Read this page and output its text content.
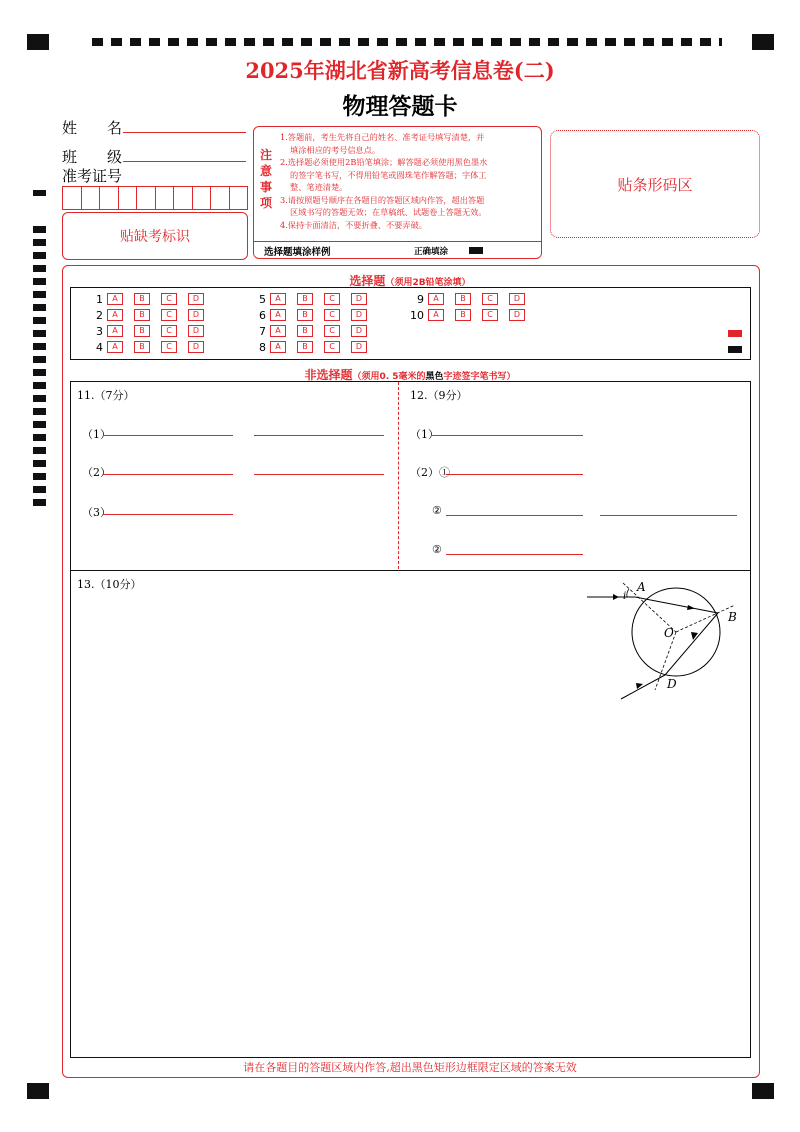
2025年湖北省新高考信息卷(二)
物理答题卡
姓　　名
班　　级
准考证号
贴缺考标识
注
意
事
项
1.答题前，考生先将自己的姓名、准考证号填写清楚，并
填涂相应的考号信息点。
2.选择题必须使用2B铅笔填涂；解答题必须使用黑色墨水
的签字笔书写，不得用铅笔或圆珠笔作解答题；字体工
整、笔迹清楚。
3.请按照题号顺序在各题目的答题区域内作答，超出答题
区域书写的答题无效；在草稿纸、试题卷上答题无效。
4.保持卡面清洁，不要折叠、不要弄破。
选择题填涂样例	正确填涂
贴条形码区
选择题（须用2B铅笔涂填）
1 A	B	C	D
2 A	B	C	D
3 A	B	C	D
4 A	B	C	D
5 A	B	C	D
6 A	B	C	D
7 A	B	C	D
8 A	B	C	D
9 A	B	C	D
10 A	B	C	D
非选择题（须用0. 5毫米的黑色字迹签字笔书写）
11.（7分）
（1）
（2）
（3）
12.（9分）
（1）
（2）①
②
②
13.（10分）
i
A
B
O
D
请在各题目的答题区域内作答,超出黑色矩形边框限定区域的答案无效
